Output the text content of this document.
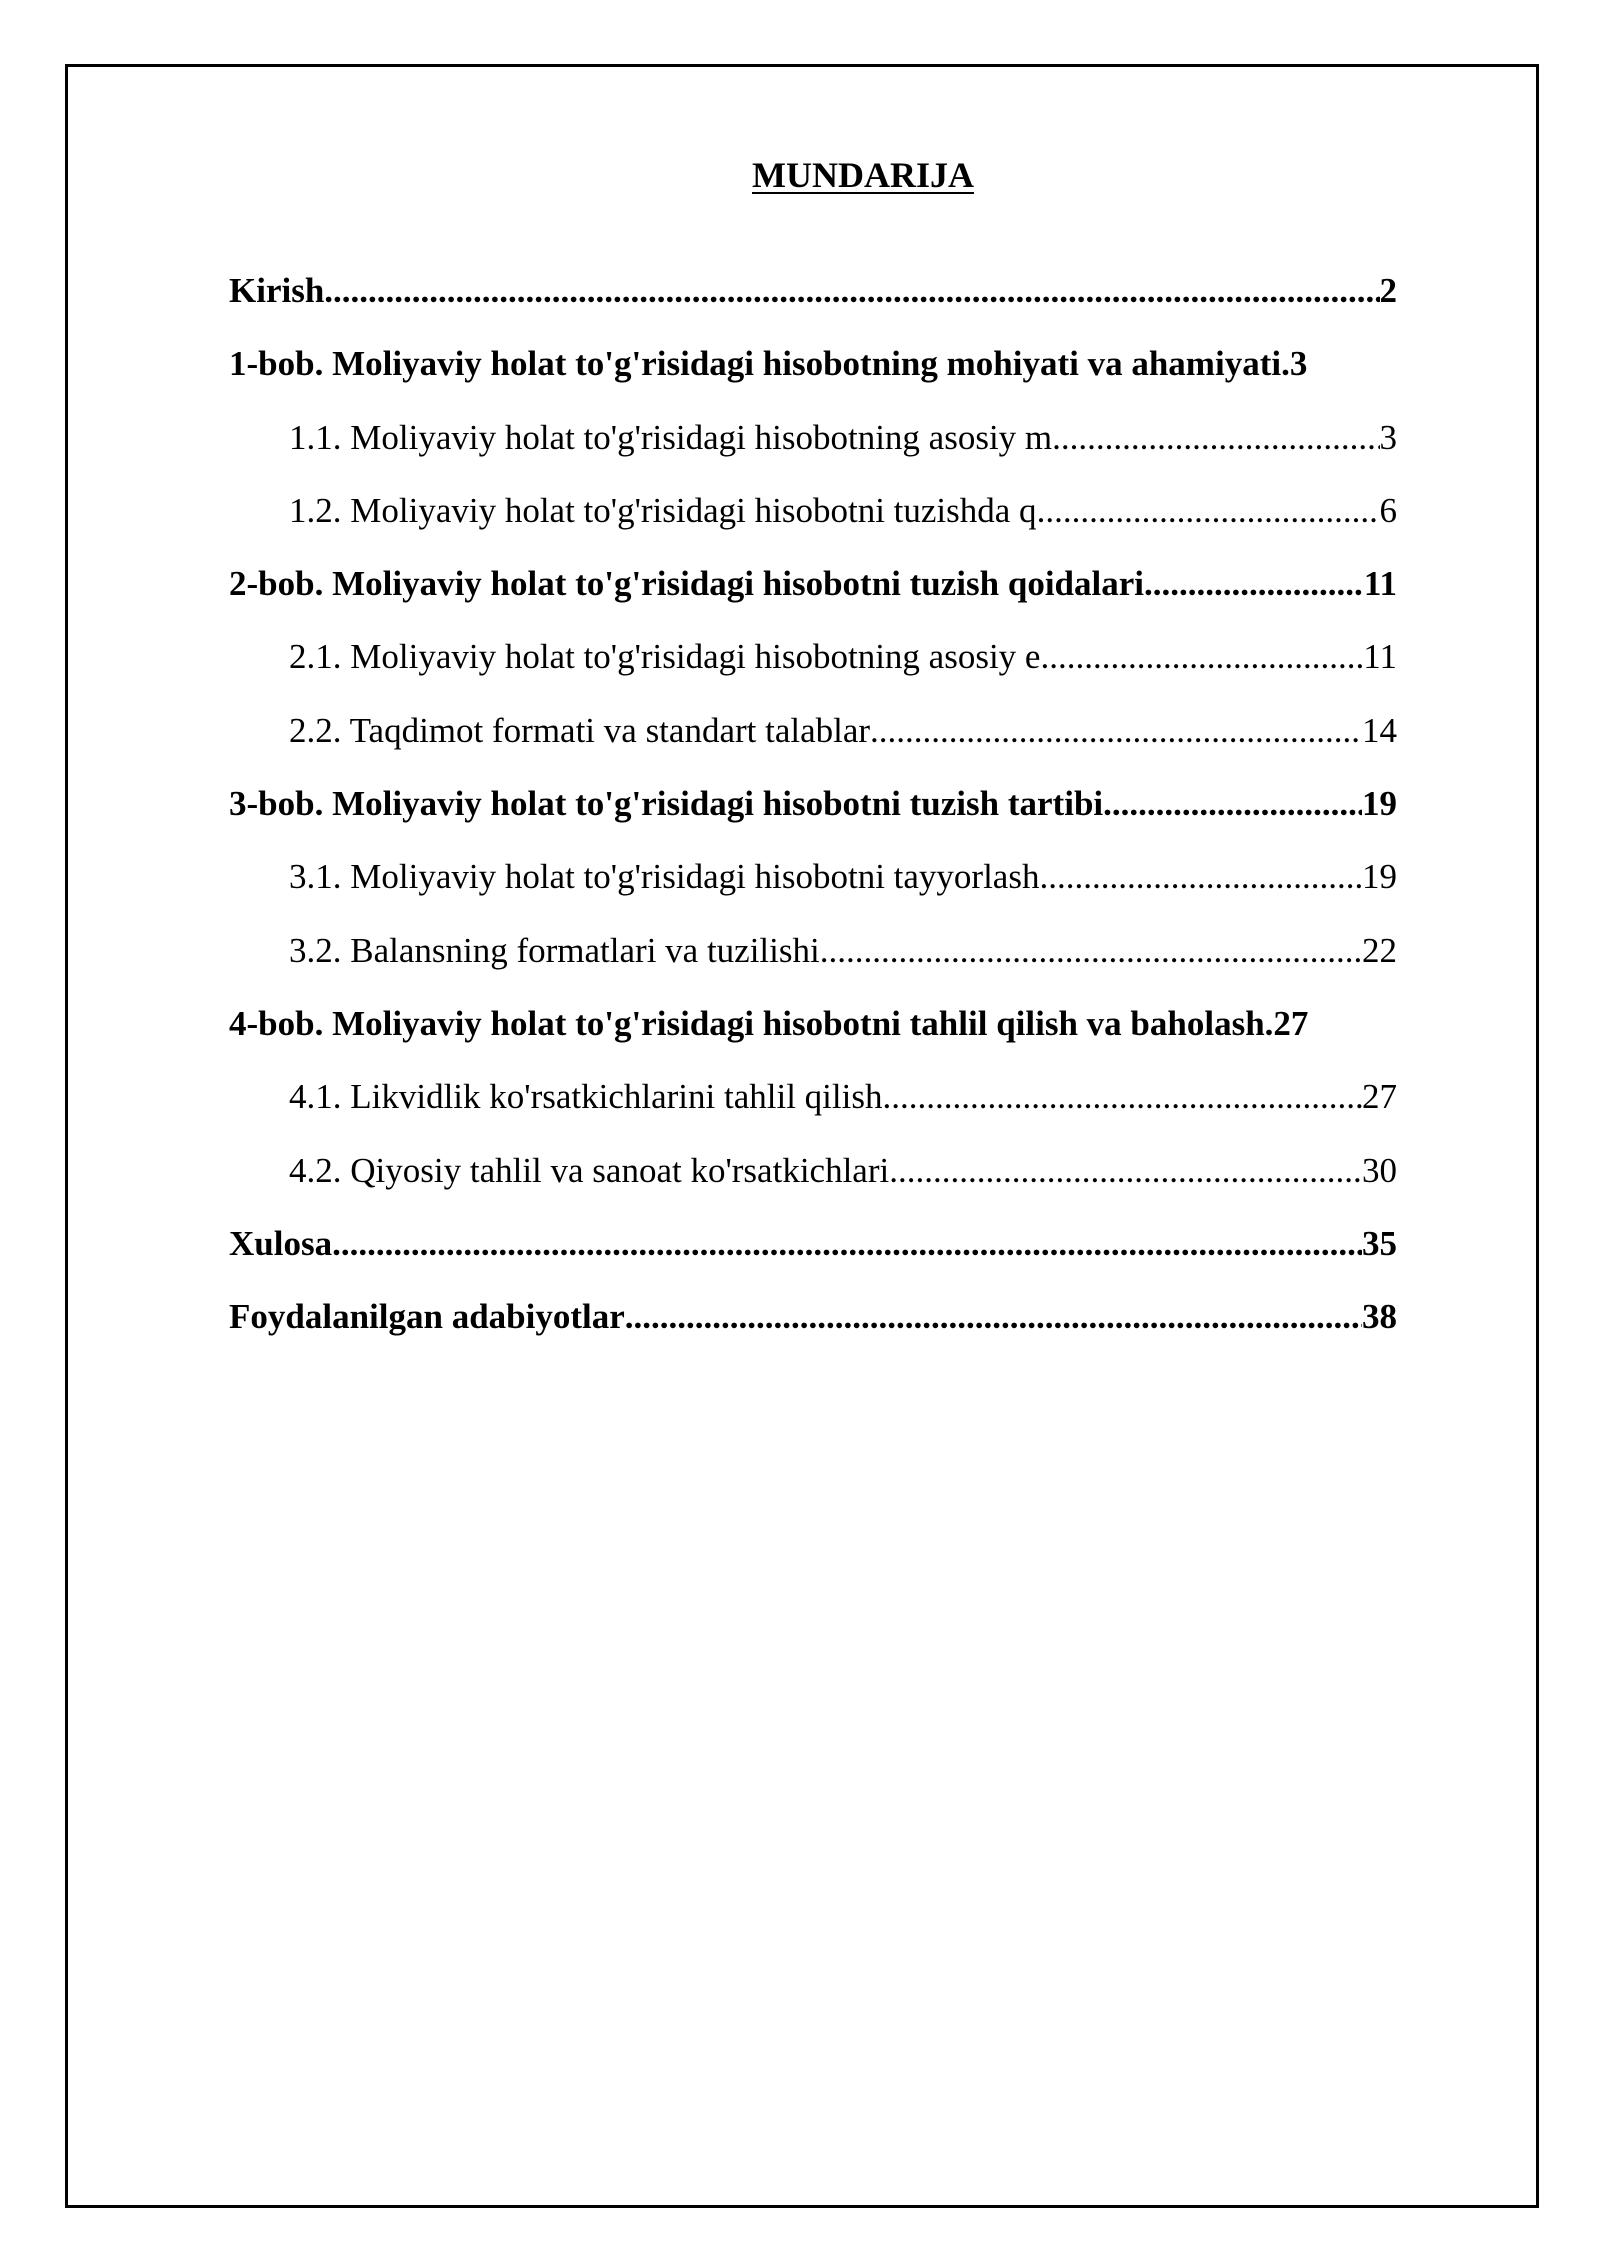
MUNDARIJA
Kirish .....	2
1-bob. Moliyaviy holat to'g'risidagi hisobotning mohiyati va ahamiyati. 3
1.1. Moliyaviy holat to'g'risidagi hisobotning asosiy m .....	3
1.2. Moliyaviy holat to'g'risidagi hisobotni tuzishda q .....	6
2-bob. Moliyaviy holat to'g'risidagi hisobotni tuzish qoidalari .....	11
2.1. Moliyaviy holat to'g'risidagi hisobotning asosiy e .....	11
2.2. Taqdimot formati va standart talablar .....	14
3-bob. Moliyaviy holat to'g'risidagi hisobotni tuzish tartibi .....	19
3.1. Moliyaviy holat to'g'risidagi hisobotni tayyorlash .....	19
3.2. Balansning formatlari va tuzilishi .....	22
4-bob. Moliyaviy holat to'g'risidagi hisobotni tahlil qilish va baholash. 27
4.1. Likvidlik ko'rsatkichlarini tahlil qilish .....	27
4.2. Qiyosiy tahlil va sanoat ko'rsatkichlari .....	30
Xulosa .....	35
Foydalanilgan adabiyotlar .....	38
